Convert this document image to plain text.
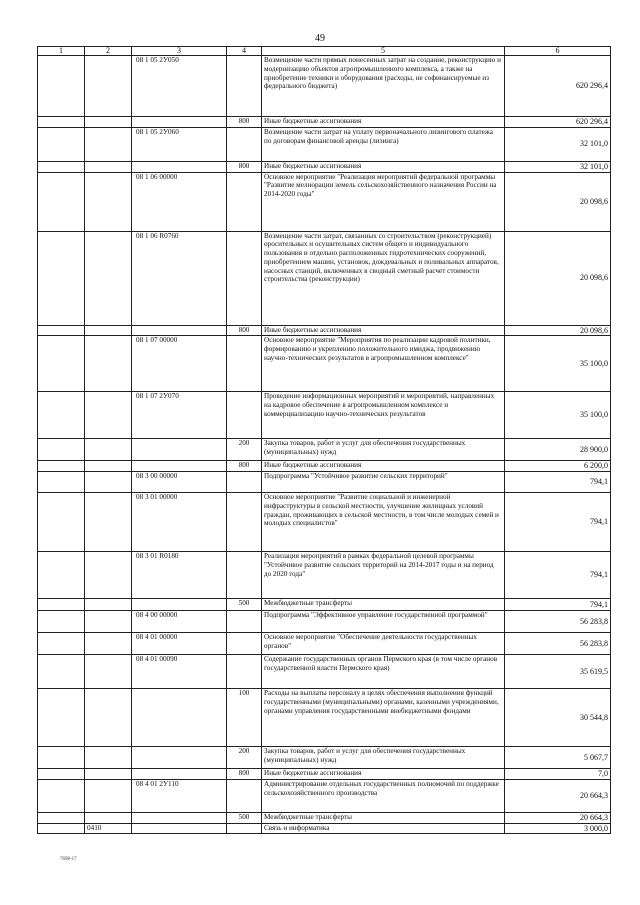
49
1	2	3	4	5	6
		08 1 05 2У050		Возмещение части прямых понесенных затрат на создание, реконструкцию и модернизацию объектов агропромышленного комплекса, а также на приобретение техники и оборудования (расходы, не софинансируемые из федерального бюджета)	620 296,4
			800	Иные бюджетные ассигнования	620 296,4
		08 1 05 2У060		Возмещение части затрат на уплату первоначального лизингового платежа по договорам финансовой аренды (лизинга)	32 101,0
			800	Иные бюджетные ассигнования	32 101,0
		08 1 06 00000		Основное мероприятие "Реализация мероприятий федеральной программы "Развитие мелиорации земель сельскохозяйственного назначения России на 2014-2020 годы"	20 098,6
		08 1 06 R0760		Возмещение части затрат, связанных со строительством (реконструкцией) оросительных и осушительных систем общего и индивидуального пользования и отдельно расположенных гидротехнических сооружений, приобретением машин, установок, дождевальных и поливальных аппаратов, насосных станций, включенных в сводный сметный расчет стоимости строительства (реконструкции)	20 098,6
			800	Иные бюджетные ассигнования	20 098,6
		08 1 07 00000		Основное мероприятие "Мероприятия по реализации кадровой политики, формированию и укреплению положительного имиджа, продвижению научно-технических результатов в агропромышленном комплексе"	35 100,0
		08 1 07 2У070		Проведение информационных мероприятий и мероприятий, направленных на кадровое обеспечение в агропромышленном комплексе и коммерциализацию научно-технических результатов	35 100,0
			200	Закупка товаров, работ и услуг для обеспечения государственных (муниципальных) нужд	28 900,0
			800	Иные бюджетные ассигнования	6 200,0
		08 3 00 00000		Подпрограмма "Устойчивое развитие сельских территорий"	794,1
		08 3 01 00000		Основное мероприятие "Развитие социальной и инженерной инфраструктуры в сельской местности, улучшение жилищных условий граждан, проживающих в сельской местности, в том числе молодых семей и молодых специалистов"	794,1
		08 3 01 R0180		Реализация мероприятий в рамках федеральной целевой программы "Устойчивое развитие сельских территорий на 2014-2017 годы и на период до 2020 года"	794,1
			500	Межбюджетные трансферты	794,1
		08 4 00 00000		Подпрограмма "Эффективное управление государственной программой"	56 283,8
		08 4 01 00000		Основное мероприятие "Обеспечение деятельности государственных органов"	56 283,8
		08 4 01 00090		Содержание государственных органов Пермского края (в том числе органов государственной власти Пермского края)	35 619,5
			100	Расходы на выплаты персоналу в целях обеспечения выполнения функций государственными (муниципальными) органами, казенными учреждениями, органами управления государственными внебюджетными фондами	30 544,8
			200	Закупка товаров, работ и услуг для обеспечения государственных (муниципальных) нужд	5 067,7
			800	Иные бюджетные ассигнования	7,0
		08 4 01 2У110		Администрирование отдельных государственных полномочий по поддержке сельскохозяйственного производства	20 664,3
			500	Межбюджетные трансферты	20 664,3
	0410			Связь и информатика	3 000,0
7698-17
